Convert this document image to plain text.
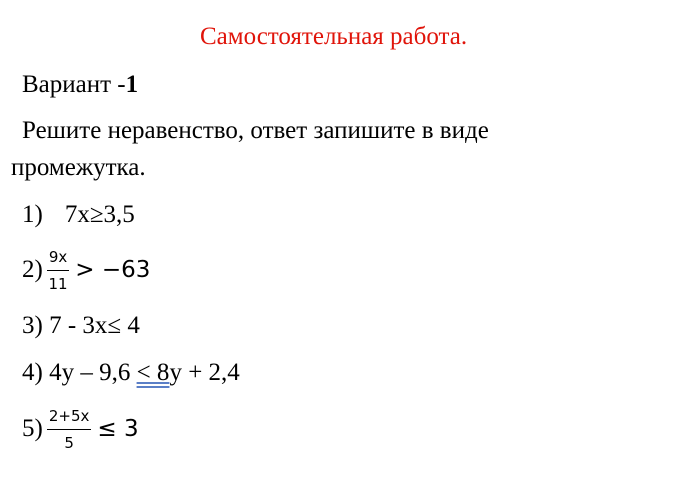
Самостоятельная работа.
Вариант -1
Решите неравенство, ответ запишите в виде
промежутка.
1) 7x≥3,5
$2) \frac{9x}{11} > -63$
3) 7 - 3x≤ 4
4) 4y – 9,6 < 8y + 2,4
$5) \frac{2+5x}{5} \le 3$
